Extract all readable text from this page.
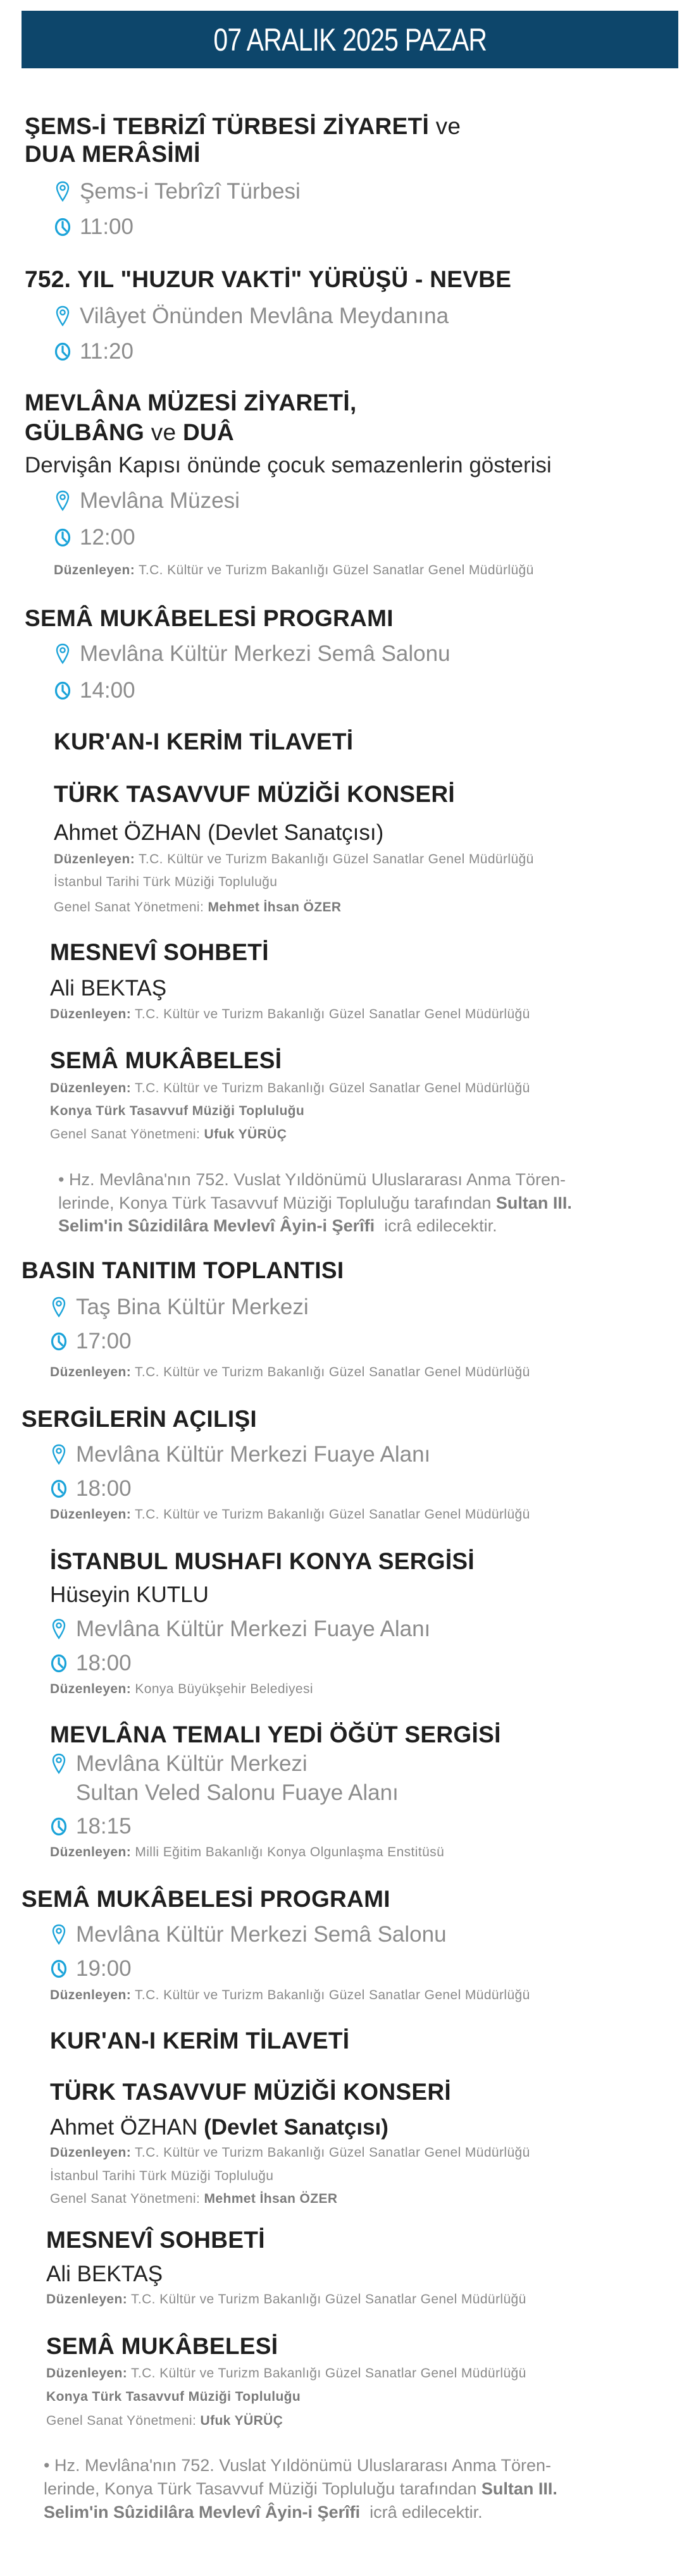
07 ARALIK 2025 PAZAR
ŞEMS-İ TEBRİZÎ TÜRBESİ ZİYARETİ ve
DUA MERÂSİMİ
Şems-i Tebrîzî Türbesi
11:00
752. YIL "HUZUR VAKTİ" YÜRÜŞÜ - NEVBE
Vilâyet Önünden Mevlâna Meydanına
11:20
MEVLÂNA MÜZESİ ZİYARETİ,
GÜLBÂNG ve DUÂ
Dervişân Kapısı önünde çocuk semazenlerin gösterisi
Mevlâna Müzesi
12:00
Düzenleyen: T.C. Kültür ve Turizm Bakanlığı Güzel Sanatlar Genel Müdürlüğü
SEMÂ MUKÂBELESİ PROGRAMI
Mevlâna Kültür Merkezi Semâ Salonu
14:00
KUR'AN-I KERİM TİLAVETİ
TÜRK TASAVVUF MÜZİĞİ KONSERİ
Ahmet ÖZHAN (Devlet Sanatçısı)
Düzenleyen: T.C. Kültür ve Turizm Bakanlığı Güzel Sanatlar Genel Müdürlüğü
İstanbul Tarihi Türk Müziği Topluluğu
Genel Sanat Yönetmeni: Mehmet İhsan ÖZER
MESNEVÎ SOHBETİ
Ali BEKTAŞ
Düzenleyen: T.C. Kültür ve Turizm Bakanlığı Güzel Sanatlar Genel Müdürlüğü
SEMÂ MUKÂBELESİ
Düzenleyen: T.C. Kültür ve Turizm Bakanlığı Güzel Sanatlar Genel Müdürlüğü
Konya Türk Tasavvuf Müziği Topluluğu
Genel Sanat Yönetmeni: Ufuk YÜRÜÇ
• Hz. Mevlâna'nın 752. Vuslat Yıldönümü Uluslararası Anma Tören-
lerinde, Konya Türk Tasavvuf Müziği Topluluğu tarafından Sultan III.
Selim'in Sûzidilâra Mevlevî Âyin-i Şerîfi  icrâ edilecektir.
BASIN TANITIM TOPLANTISI
Taş Bina Kültür Merkezi
17:00
Düzenleyen: T.C. Kültür ve Turizm Bakanlığı Güzel Sanatlar Genel Müdürlüğü
SERGİLERİN AÇILIŞI
Mevlâna Kültür Merkezi Fuaye Alanı
18:00
Düzenleyen: T.C. Kültür ve Turizm Bakanlığı Güzel Sanatlar Genel Müdürlüğü
İSTANBUL MUSHAFI KONYA SERGİSİ
Hüseyin KUTLU
Mevlâna Kültür Merkezi Fuaye Alanı
18:00
Düzenleyen: Konya Büyükşehir Belediyesi
MEVLÂNA TEMALI YEDİ ÖĞÜT SERGİSİ
Mevlâna Kültür Merkezi
Sultan Veled Salonu Fuaye Alanı
18:15
Düzenleyen: Milli Eğitim Bakanlığı Konya Olgunlaşma Enstitüsü
SEMÂ MUKÂBELESİ PROGRAMI
Mevlâna Kültür Merkezi Semâ Salonu
19:00
Düzenleyen: T.C. Kültür ve Turizm Bakanlığı Güzel Sanatlar Genel Müdürlüğü
KUR'AN-I KERİM TİLAVETİ
TÜRK TASAVVUF MÜZİĞİ KONSERİ
Ahmet ÖZHAN (Devlet Sanatçısı)
Düzenleyen: T.C. Kültür ve Turizm Bakanlığı Güzel Sanatlar Genel Müdürlüğü
İstanbul Tarihi Türk Müziği Topluluğu
Genel Sanat Yönetmeni: Mehmet İhsan ÖZER
MESNEVÎ SOHBETİ
Ali BEKTAŞ
Düzenleyen: T.C. Kültür ve Turizm Bakanlığı Güzel Sanatlar Genel Müdürlüğü
SEMÂ MUKÂBELESİ
Düzenleyen: T.C. Kültür ve Turizm Bakanlığı Güzel Sanatlar Genel Müdürlüğü
Konya Türk Tasavvuf Müziği Topluluğu
Genel Sanat Yönetmeni: Ufuk YÜRÜÇ
• Hz. Mevlâna'nın 752. Vuslat Yıldönümü Uluslararası Anma Tören-
lerinde, Konya Türk Tasavvuf Müziği Topluluğu tarafından Sultan III.
Selim'in Sûzidilâra Mevlevî Âyin-i Şerîfi  icrâ edilecektir.
